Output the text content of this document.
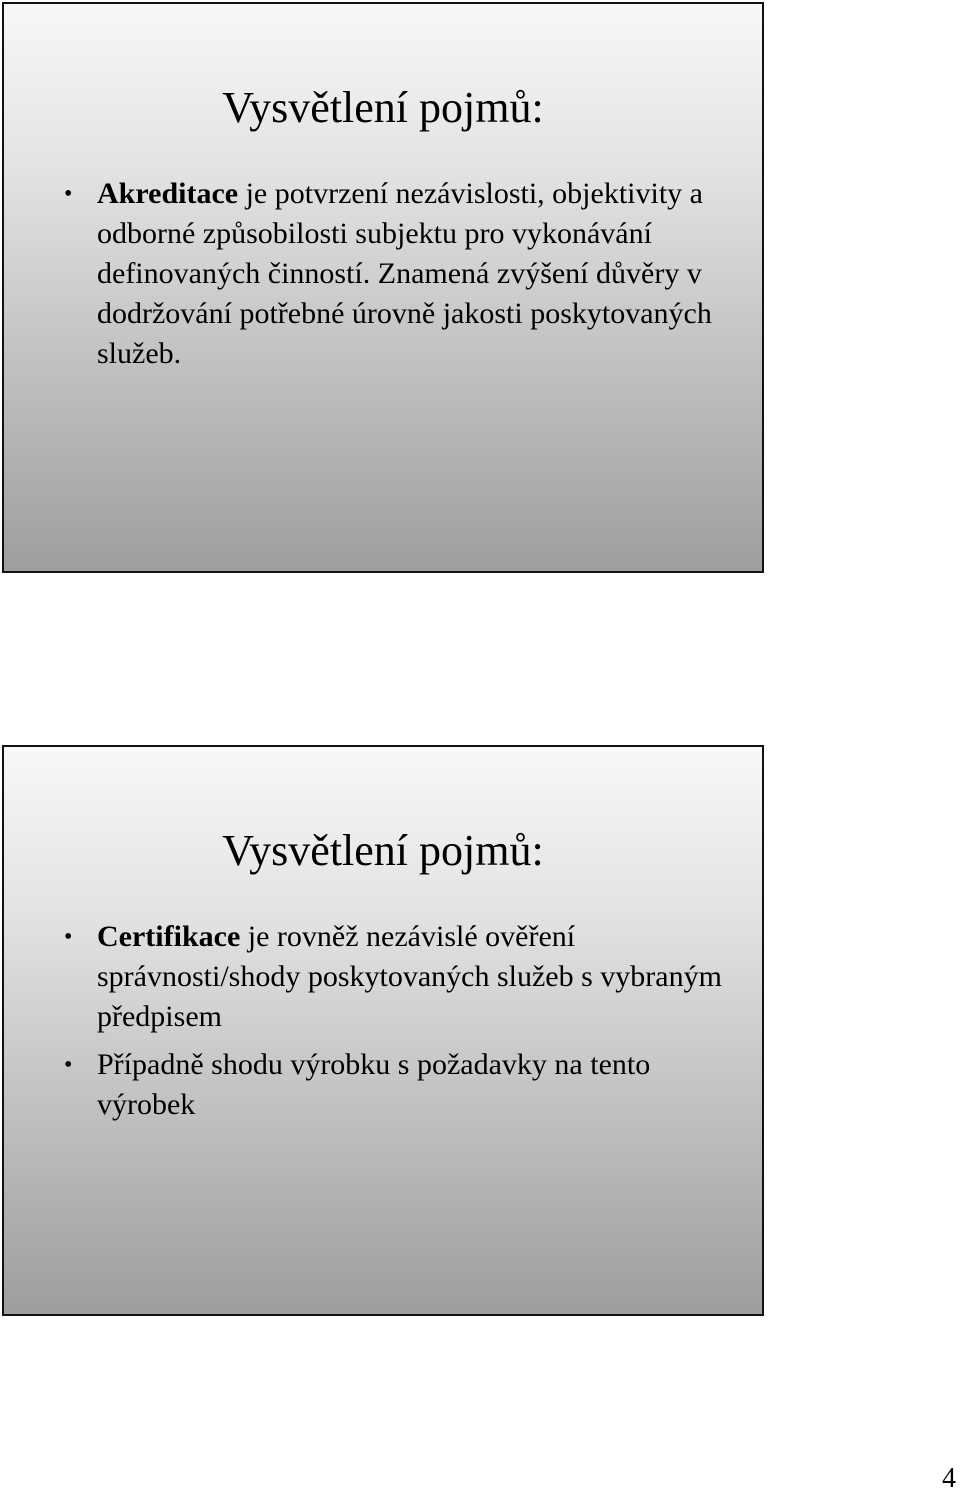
Vysvětlení pojmů:
• Akreditace je potvrzení nezávislosti, objektivity a odborné způsobilosti subjektu pro vykonávání definovaných činností. Znamená zvýšení důvěry v dodržování potřebné úrovně jakosti poskytovaných služeb.
Vysvětlení pojmů:
• Certifikace je rovněž nezávislé ověření správnosti/shody poskytovaných služeb s vybraným předpisem
• Případně shodu výrobku s požadavky na tento výrobek
4
